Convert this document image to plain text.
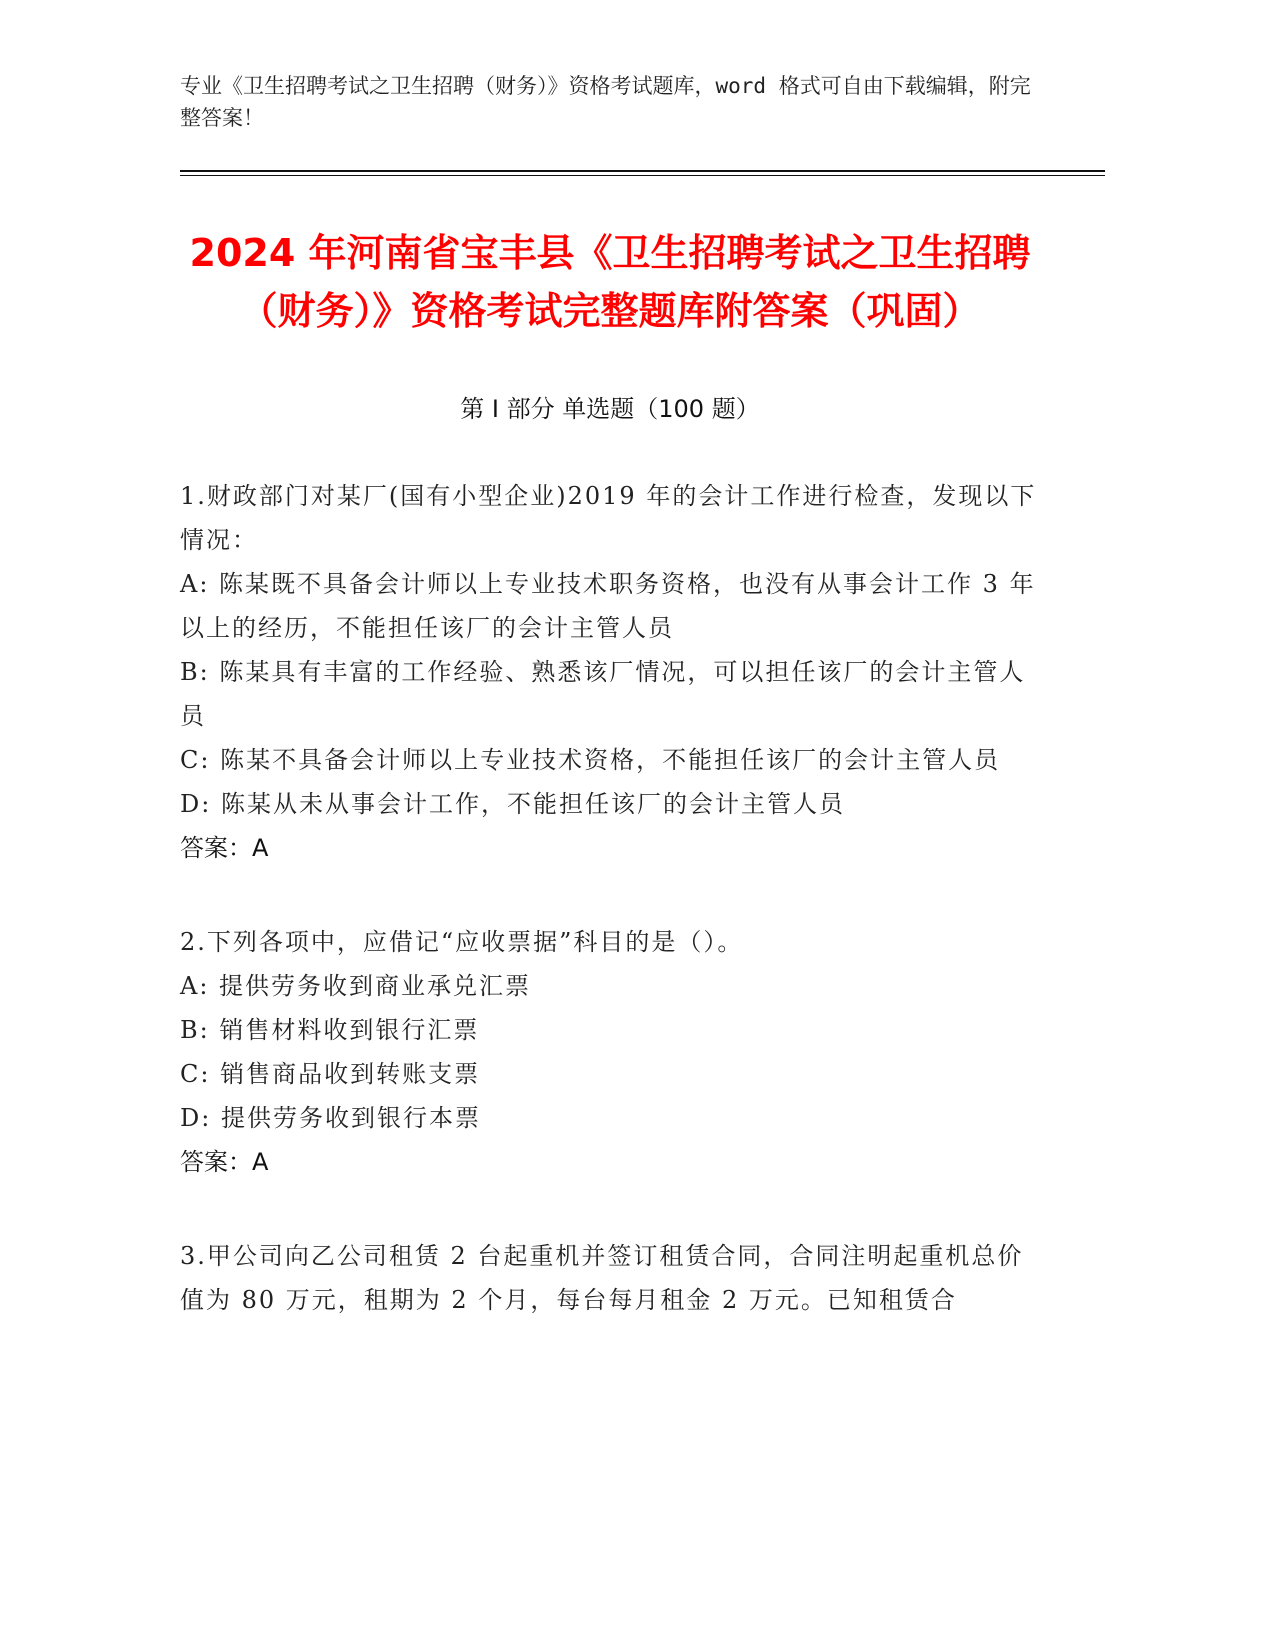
专业《卫生招聘考试之卫生招聘（财务）》资格考试题库，word 格式可自由下载编辑，附完整答案！
2024 年河南省宝丰县《卫生招聘考试之卫生招聘（财务）》资格考试完整题库附答案（巩固）
第 I 部分 单选题（100 题）

1.财政部门对某厂(国有小型企业)2019 年的会计工作进行检查，发现以下情况：

A: 陈某既不具备会计师以上专业技术职务资格，也没有从事会计工作 3 年以上的经历，不能担任该厂的会计主管人员

B: 陈某具有丰富的工作经验、熟悉该厂情况，可以担任该厂的会计主管人员

C: 陈某不具备会计师以上专业技术资格，不能担任该厂的会计主管人员

D: 陈某从未从事会计工作，不能担任该厂的会计主管人员

答案：A

2.下列各项中，应借记“应收票据”科目的是（）。

A: 提供劳务收到商业承兑汇票

B: 销售材料收到银行汇票

C: 销售商品收到转账支票

D: 提供劳务收到银行本票

答案：A

3.甲公司向乙公司租赁 2 台起重机并签订租赁合同，合同注明起重机总价值为 80 万元，租期为 2 个月，每台每月租金 2 万元。已知租赁合
